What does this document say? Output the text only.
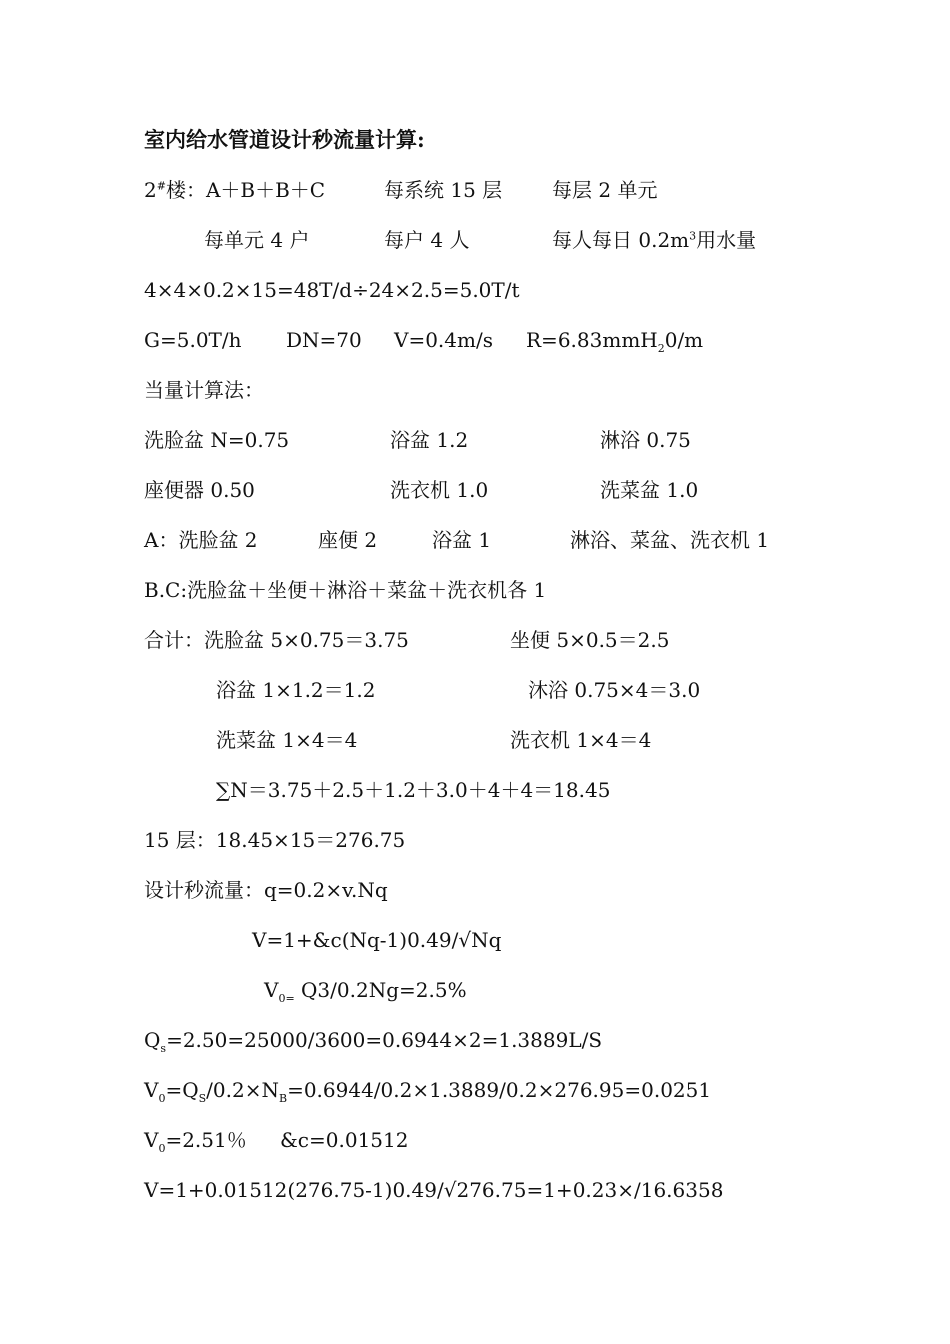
室内给水管道设计秒流量计算:
2#楼：A＋B＋B＋C	每系统 15 层 每层 2 单元
每单元 4 户	每户 4 人	每人每日 $0.2m^3$用水量
4×4×0.2×15=48T/d÷24×2.5=5.0T/t
G=5.0T/h DN=70 V=0.4m/s R=6.83mmH$_2$0/m
当量计算法：
洗脸盆 N=0.75	浴盆 1.2	淋浴 0.75
座便器 0.50	洗衣机 1.0	洗菜盆 1.0
A：洗脸盆 2	座便 2	浴盆 1	淋浴、菜盆、洗衣机 1
B.C:洗脸盆＋坐便＋淋浴＋菜盆＋洗衣机各 1
合计：洗脸盆 5×0.75＝3.75	坐便 5×0.5＝2.5
浴盆 1×1.2＝1.2	沐浴 0.75×4＝3.0
洗菜盆 1×4＝4	洗衣机 1×4＝4
∑N＝3.75＋2.5＋1.2＋3.0＋4＋4＝18.45
15 层：18.45×15＝276.75
设计秒流量：q=0.2×v.Nq
V=1+&c(Nq-1)0.49/√Nq
$V_{0=}$ Q3/0.2Ng=2.5%
$Q_s=2.50=25000/3600=0.6944\times 2=1.3889L/S$
$V_0=Q_S/0.2\times N_B=0.6944/0.2\times 1.3889/0.2\times 276.95=0.0251$
$V_0=2.51$％ &c=0.01512
V=1+0.01512(276.75-1)0.49/√276.75=1+0.23×/16.6358
